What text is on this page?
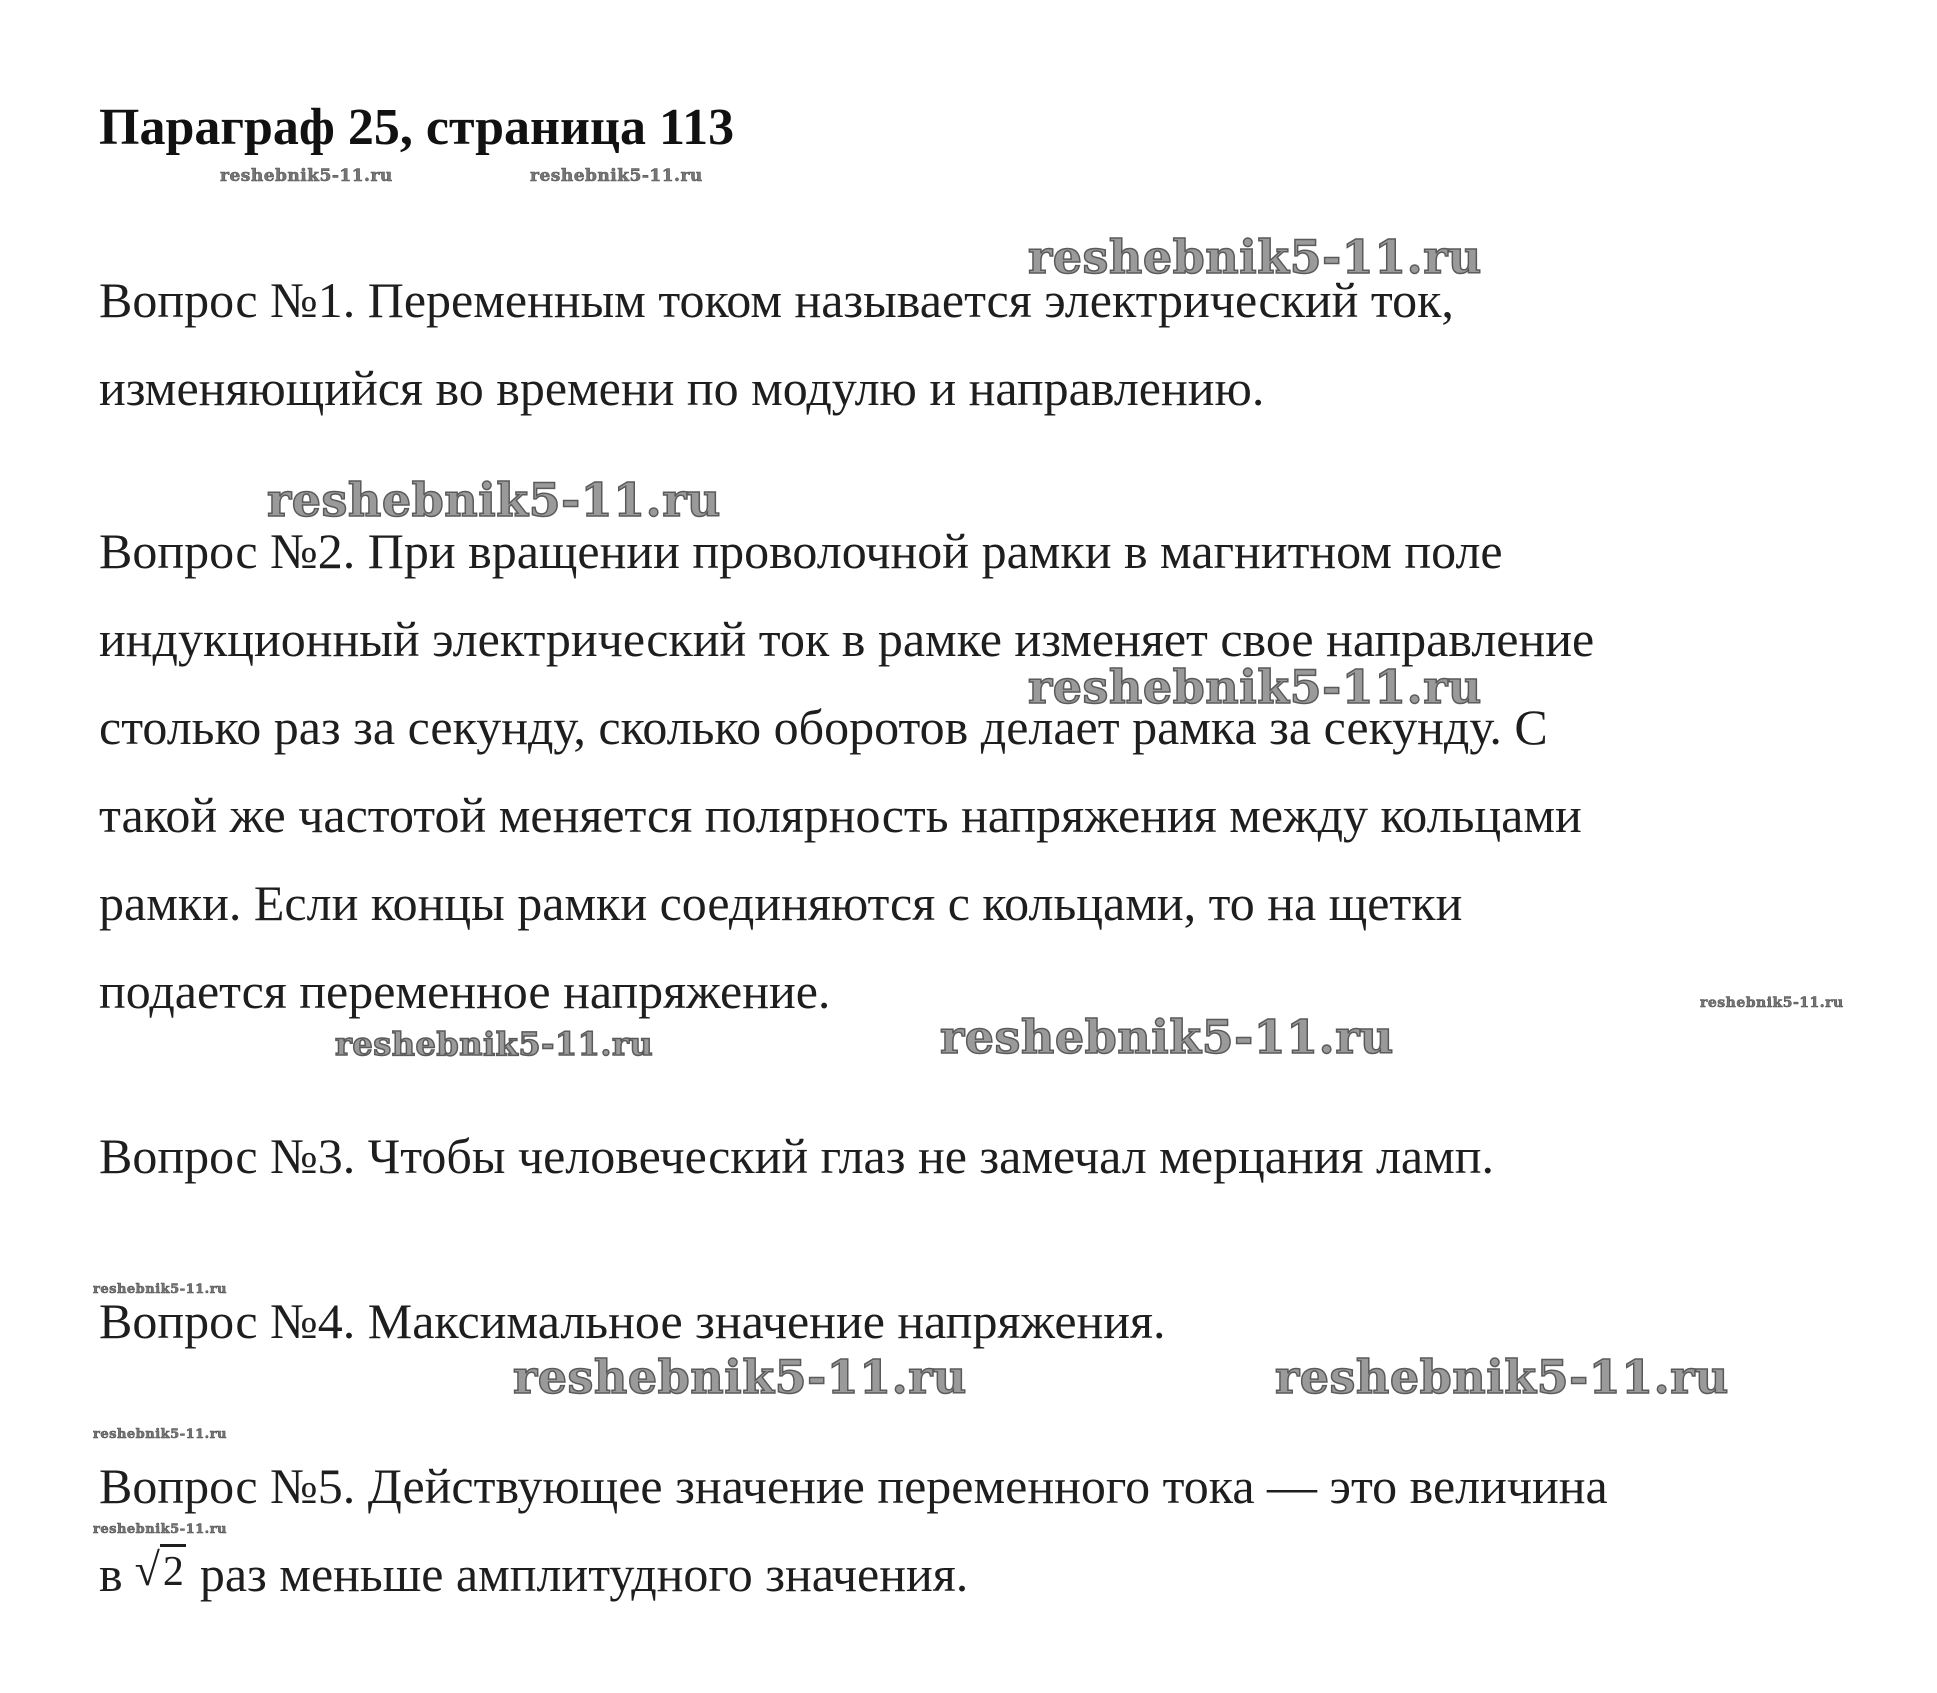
Параграф 25, страница 113
Вопрос №1. Переменным током называется электрический ток,
изменяющийся во времени по модулю и направлению.
Вопрос №2. При вращении проволочной рамки в магнитном поле
индукционный электрический ток в рамке изменяет свое направление
столько раз за секунду, сколько оборотов делает рамка за секунду. С
такой же частотой меняется полярность напряжения между кольцами
рамки. Если концы рамки соединяются с кольцами, то на щетки
подается переменное напряжение.
Вопрос №3. Чтобы человеческий глаз не замечал мерцания ламп.
Вопрос №4. Максимальное значение напряжения.
Вопрос №5. Действующее значение переменного тока — это величина
в √2 раз меньше амплитудного значения.
reshebnik5-11.ru	reshebnik5-11.ru
reshebnik5-11.ru
reshebnik5-11.ru
reshebnik5-11.ru
reshebnik5-11.ru
reshebnik5-11.ru	reshebnik5-11.ru
reshebnik5-11.ru
reshebnik5-11.ru	reshebnik5-11.ru
reshebnik5-11.ru
reshebnik5-11.ru
